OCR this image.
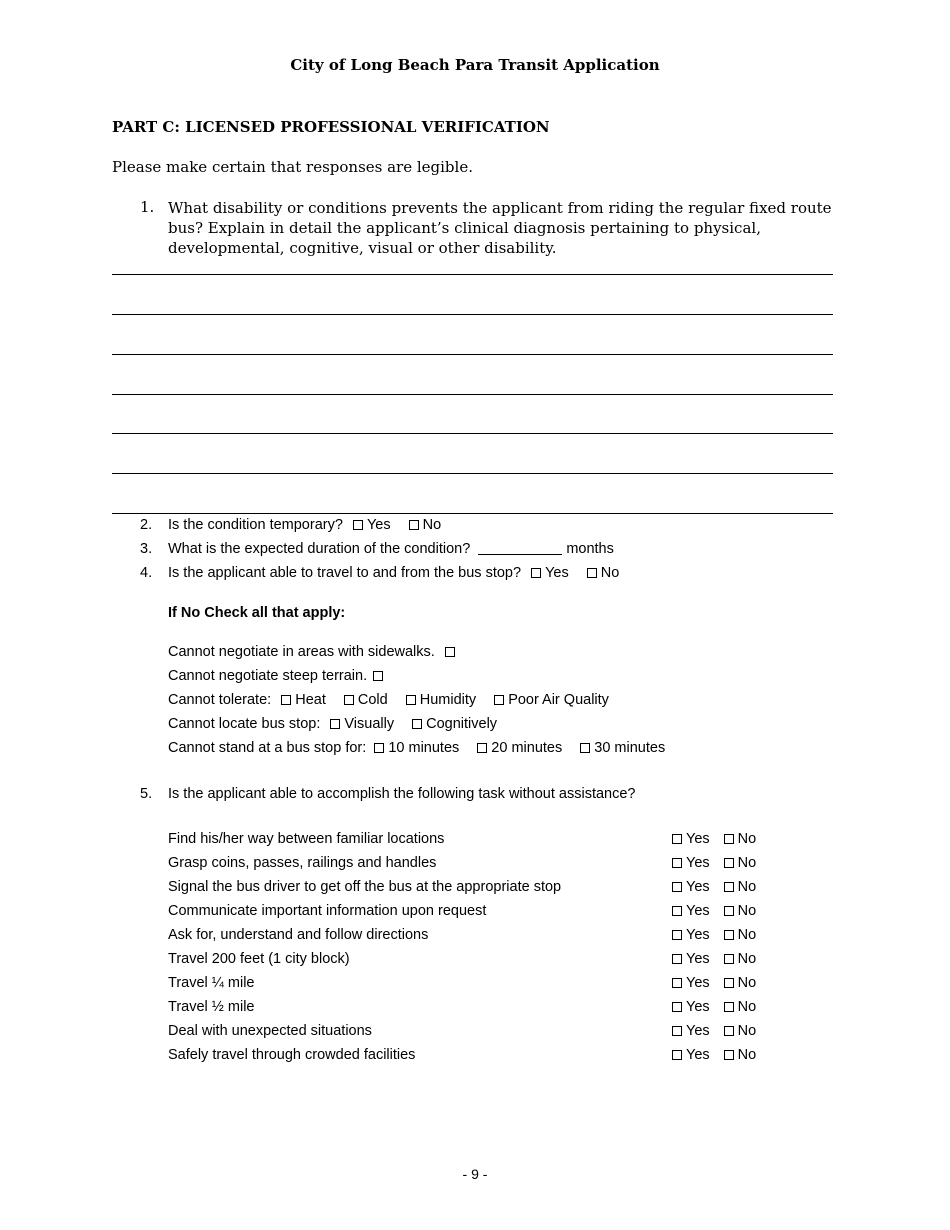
City of Long Beach Para Transit Application
PART C: LICENSED PROFESSIONAL VERIFICATION
Please make certain that responses are legible.
1. What disability or conditions prevents the applicant from riding the regular fixed route bus? Explain in detail the applicant’s clinical diagnosis pertaining to physical, developmental, cognitive, visual or other disability.
2. Is the condition temporary? Yes No
3. What is the expected duration of the condition?	months
4. Is the applicant able to travel to and from the bus stop? Yes No
If No Check all that apply:
Cannot negotiate in areas with sidewalks.
Cannot negotiate steep terrain.
Cannot tolerate: Heat Cold Humidity Poor Air Quality
Cannot locate bus stop: Visually Cognitively
Cannot stand at a bus stop for: 10 minutes 20 minutes 30 minutes
5. Is the applicant able to accomplish the following task without assistance?
Find his/her way between familiar locations	Yes No
Grasp coins, passes, railings and handles	Yes No
Signal the bus driver to get off the bus at the appropriate stop	Yes No
Communicate important information upon request	Yes No
Ask for, understand and follow directions	Yes No
Travel 200 feet (1 city block)	Yes No
Travel ¼ mile	Yes No
Travel ½ mile	Yes No
Deal with unexpected situations	Yes No
Safely travel through crowded facilities	Yes No
- 9 -
